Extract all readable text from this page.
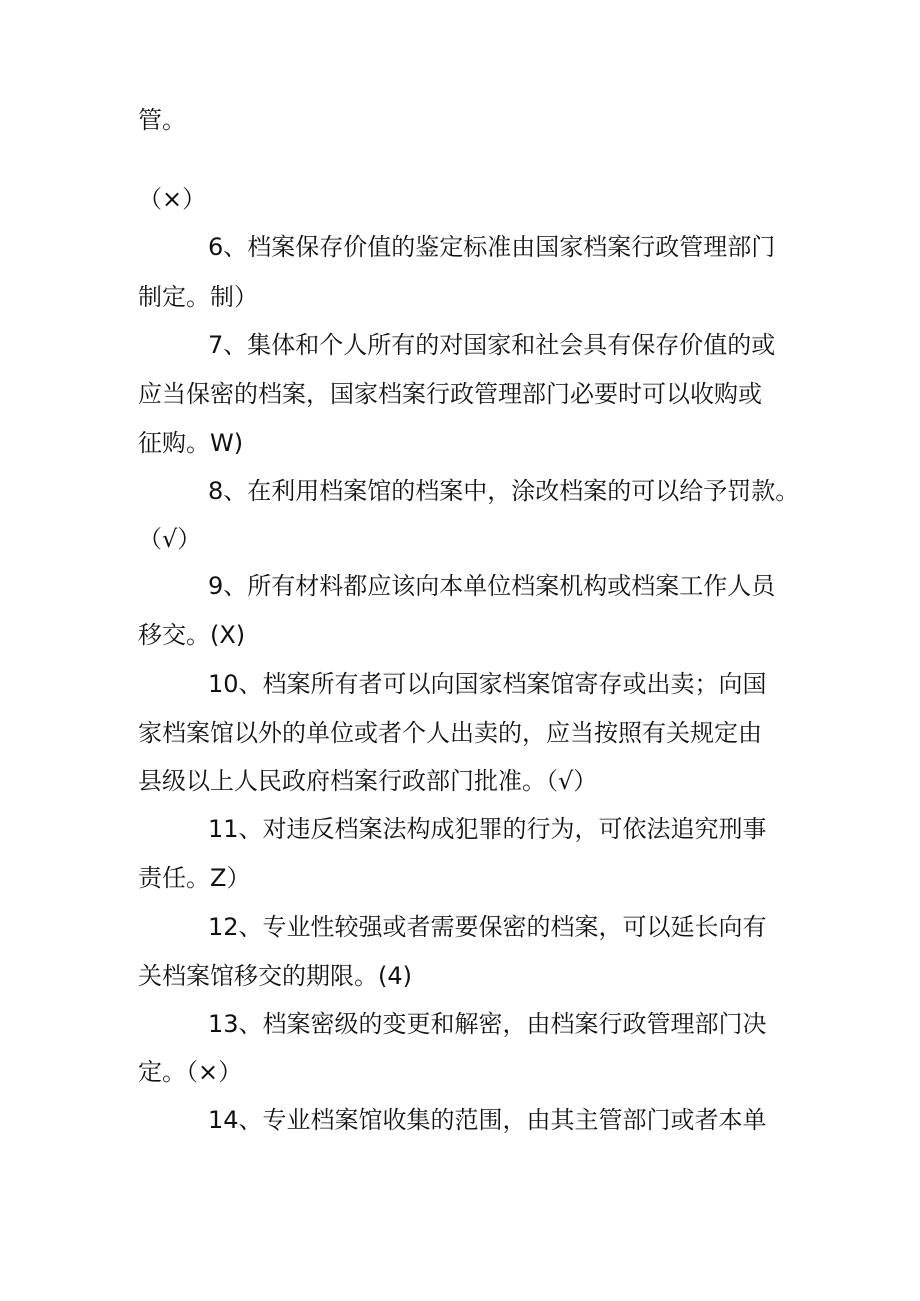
管。
（×）
6、档案保存价值的鉴定标准由国家档案行政管理部门
制定。制）
7、集体和个人所有的对国家和社会具有保存价值的或
应当保密的档案，国家档案行政管理部门必要时可以收购或
征购。W)
8、在利用档案馆的档案中，涂改档案的可以给予罚款。
（√）
9、所有材料都应该向本单位档案机构或档案工作人员
移交。(X)
10、档案所有者可以向国家档案馆寄存或出卖；向国
家档案馆以外的单位或者个人出卖的，应当按照有关规定由
县级以上人民政府档案行政部门批准。（√）
11、对违反档案法构成犯罪的行为，可依法追究刑事
责任。Z）
12、专业性较强或者需要保密的档案，可以延长向有
关档案馆移交的期限。(4)
13、档案密级的变更和解密，由档案行政管理部门决
定。（×）
14、专业档案馆收集的范围，由其主管部门或者本单
